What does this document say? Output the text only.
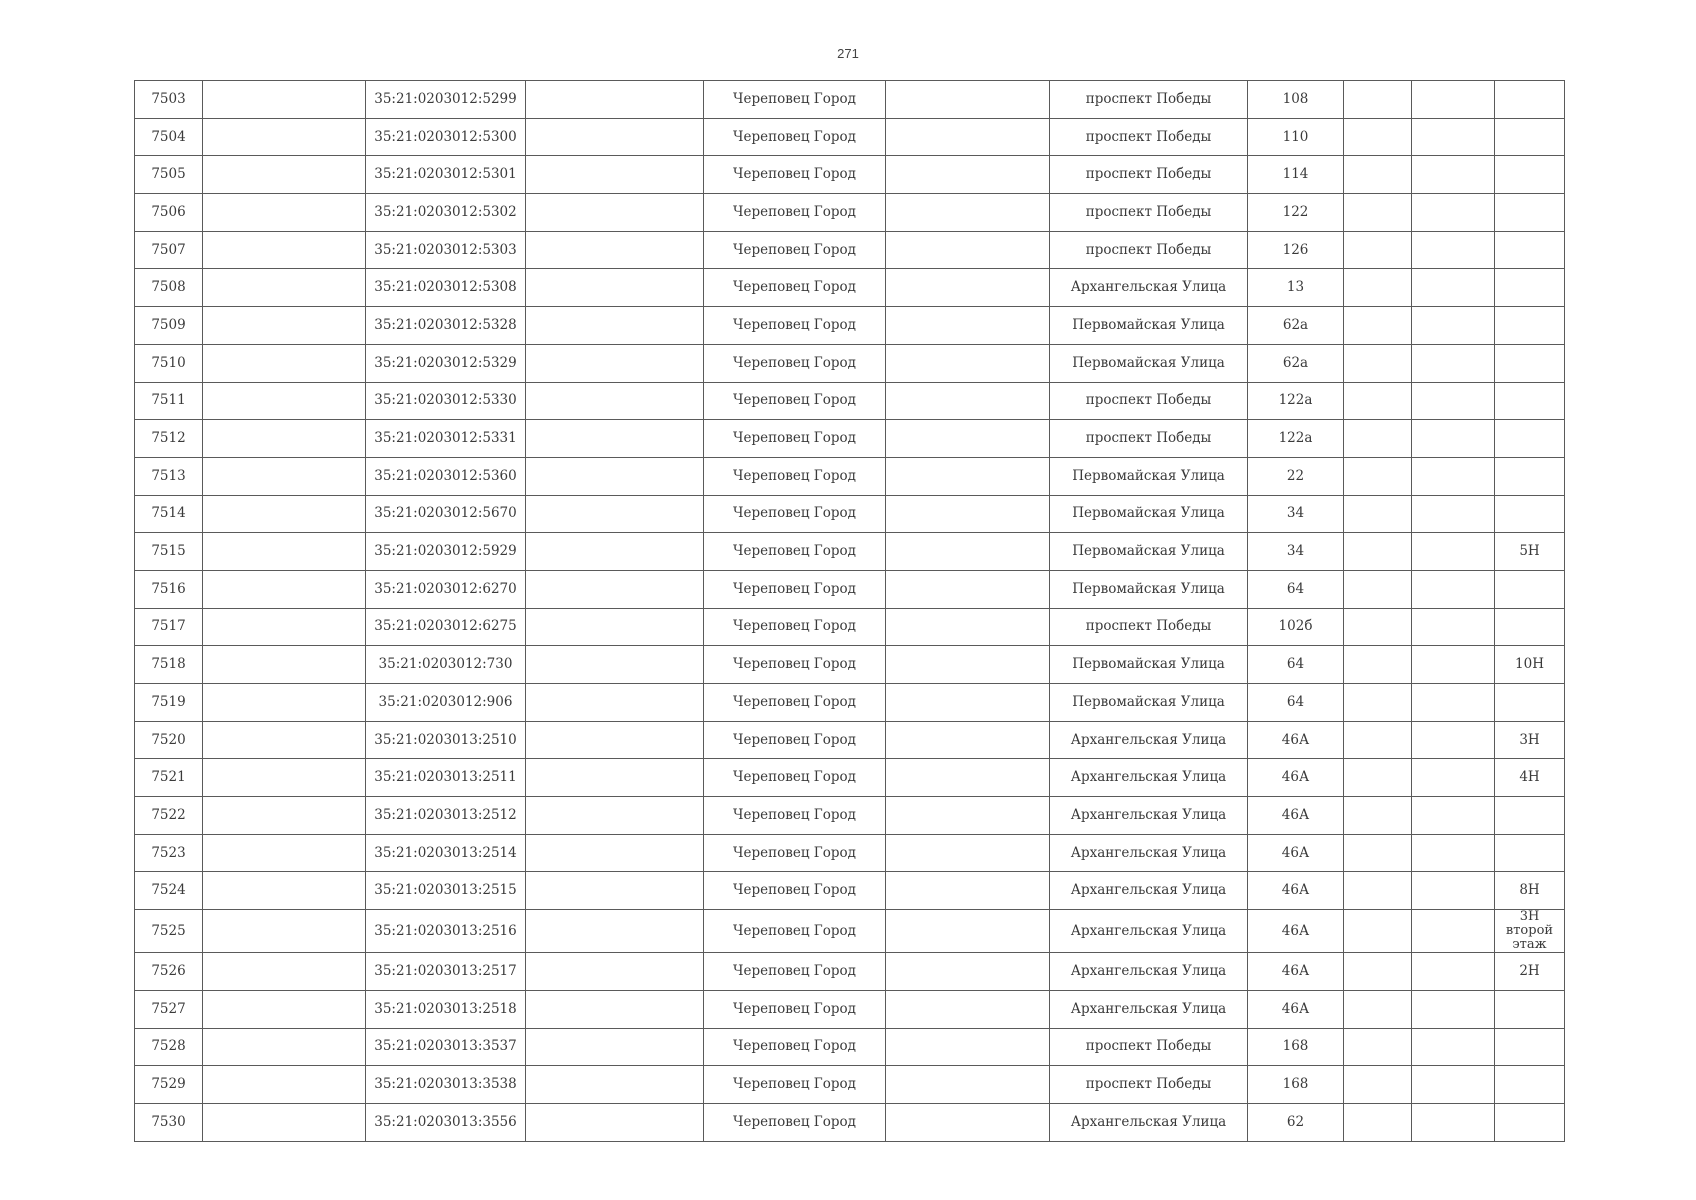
271
7503		35:21:0203012:5299		Череповец Город		проспект Победы	108			
7504		35:21:0203012:5300		Череповец Город		проспект Победы	110			
7505		35:21:0203012:5301		Череповец Город		проспект Победы	114			
7506		35:21:0203012:5302		Череповец Город		проспект Победы	122			
7507		35:21:0203012:5303		Череповец Город		проспект Победы	126			
7508		35:21:0203012:5308		Череповец Город		Архангельская Улица	13			
7509		35:21:0203012:5328		Череповец Город		Первомайская Улица	62а			
7510		35:21:0203012:5329		Череповец Город		Первомайская Улица	62а			
7511		35:21:0203012:5330		Череповец Город		проспект Победы	122а			
7512		35:21:0203012:5331		Череповец Город		проспект Победы	122а			
7513		35:21:0203012:5360		Череповец Город		Первомайская Улица	22			
7514		35:21:0203012:5670		Череповец Город		Первомайская Улица	34			
7515		35:21:0203012:5929		Череповец Город		Первомайская Улица	34			5Н
7516		35:21:0203012:6270		Череповец Город		Первомайская Улица	64			
7517		35:21:0203012:6275		Череповец Город		проспект Победы	102б			
7518		35:21:0203012:730		Череповец Город		Первомайская Улица	64			10Н
7519		35:21:0203012:906		Череповец Город		Первомайская Улица	64			
7520		35:21:0203013:2510		Череповец Город		Архангельская Улица	46А			3Н
7521		35:21:0203013:2511		Череповец Город		Архангельская Улица	46А			4Н
7522		35:21:0203013:2512		Череповец Город		Архангельская Улица	46А			
7523		35:21:0203013:2514		Череповец Город		Архангельская Улица	46А			
7524		35:21:0203013:2515		Череповец Город		Архангельская Улица	46А			8Н
7525		35:21:0203013:2516		Череповец Город		Архангельская Улица	46А			3Н второй этаж
7526		35:21:0203013:2517		Череповец Город		Архангельская Улица	46А			2Н
7527		35:21:0203013:2518		Череповец Город		Архангельская Улица	46А			
7528		35:21:0203013:3537		Череповец Город		проспект Победы	168			
7529		35:21:0203013:3538		Череповец Город		проспект Победы	168			
7530		35:21:0203013:3556		Череповец Город		Архангельская Улица	62			
